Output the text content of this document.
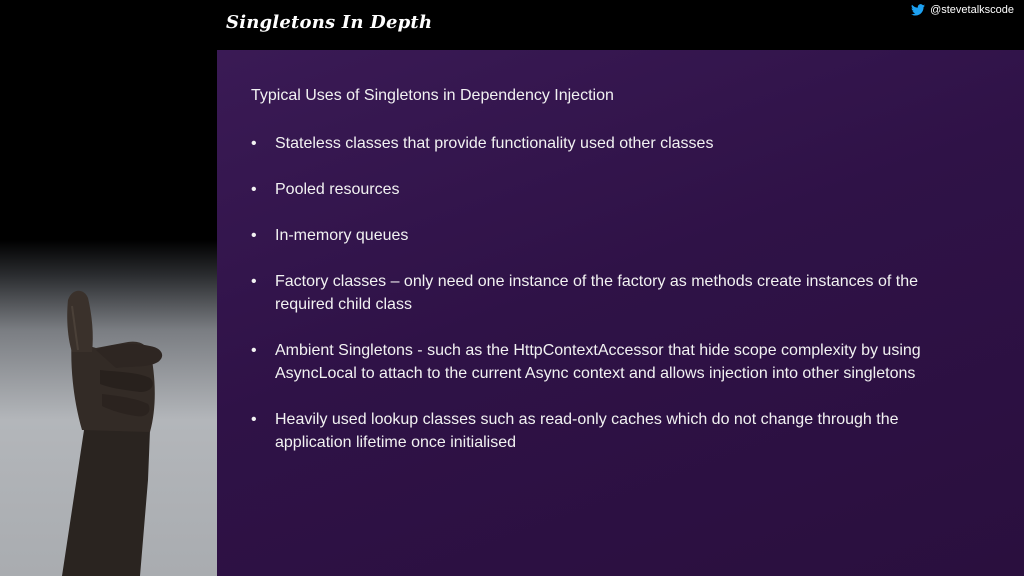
Singletons In Depth
@stevetalkscode
Typical Uses of Singletons in Dependency Injection
•	Stateless classes that provide functionality used other classes
•	Pooled resources
•	In-memory queues
•	Factory classes – only need one instance of the factory as methods create instances of the required child class
•	Ambient Singletons - such as the HttpContextAccessor that hide scope complexity by using AsyncLocal to attach to the current Async context and allows injection into other singletons
•	Heavily used lookup classes such as read-only caches which do not change through the application lifetime once initialised
